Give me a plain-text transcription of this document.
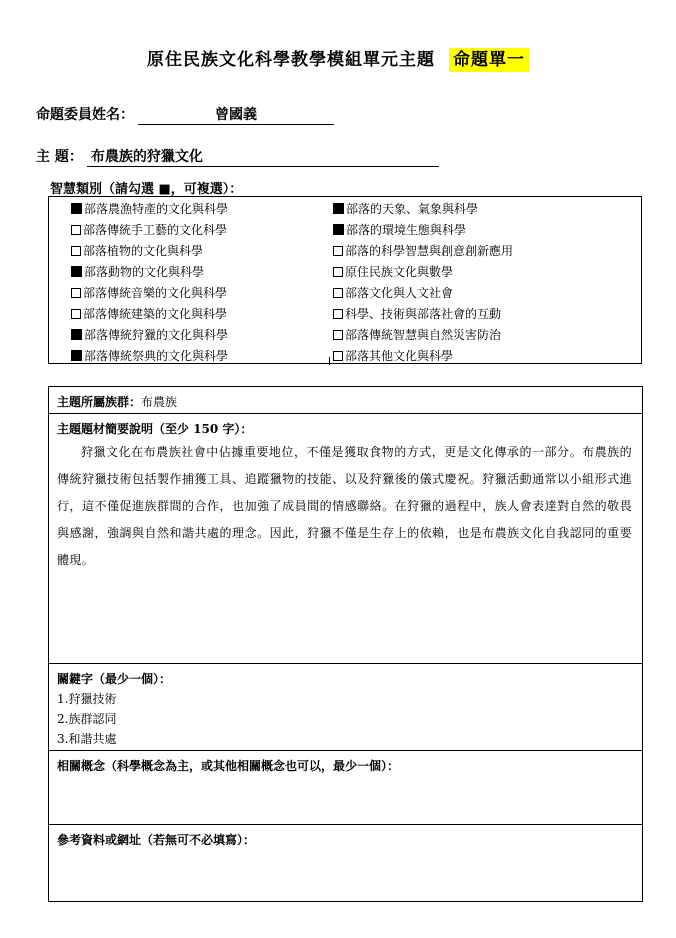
原住民族文化科學教學模組單元主題 命題單一
命題委員姓名：	曾國義
主 題： 布農族的狩獵文化
智慧類別（請勾選 ■，可複選）：
部落農漁特產的文化與科學
部落傳統手工藝的文化科學
部落植物的文化與科學
部落動物的文化與科學
部落傳統音樂的文化與科學
部落傳統建築的文化與科學
部落傳統狩獵的文化與科學
部落傳統祭典的文化與科學
部落的天象、氣象與科學
部落的環境生態與科學
部落的科學智慧與創意創新應用
原住民族文化與數學
部落文化與人文社會
科學、技術與部落社會的互動
部落傳統智慧與自然災害防治
部落其他文化與科學
主題所屬族群：布農族
主題題材簡要說明（至少 150 字）：
狩獵文化在布農族社會中佔據重要地位，不僅是獲取食物的方式，更是文化傳承的一部分。布農族的傳統狩獵技術包括製作捕獲工具、追蹤獵物的技能、以及狩獵後的儀式慶祝。狩獵活動通常以小組形式進行，這不僅促進族群間的合作，也加強了成員間的情感聯絡。在狩獵的過程中，族人會表達對自然的敬畏與感謝，強調與自然和諧共處的理念。因此，狩獵不僅是生存上的依賴，也是布農族文化自我認同的重要體現。
關鍵字（最少一個）：
1.狩獵技術
2.族群認同
3.和諧共處
相關概念（科學概念為主，或其他相關概念也可以，最少一個）：
參考資料或網址（若無可不必填寫）：
